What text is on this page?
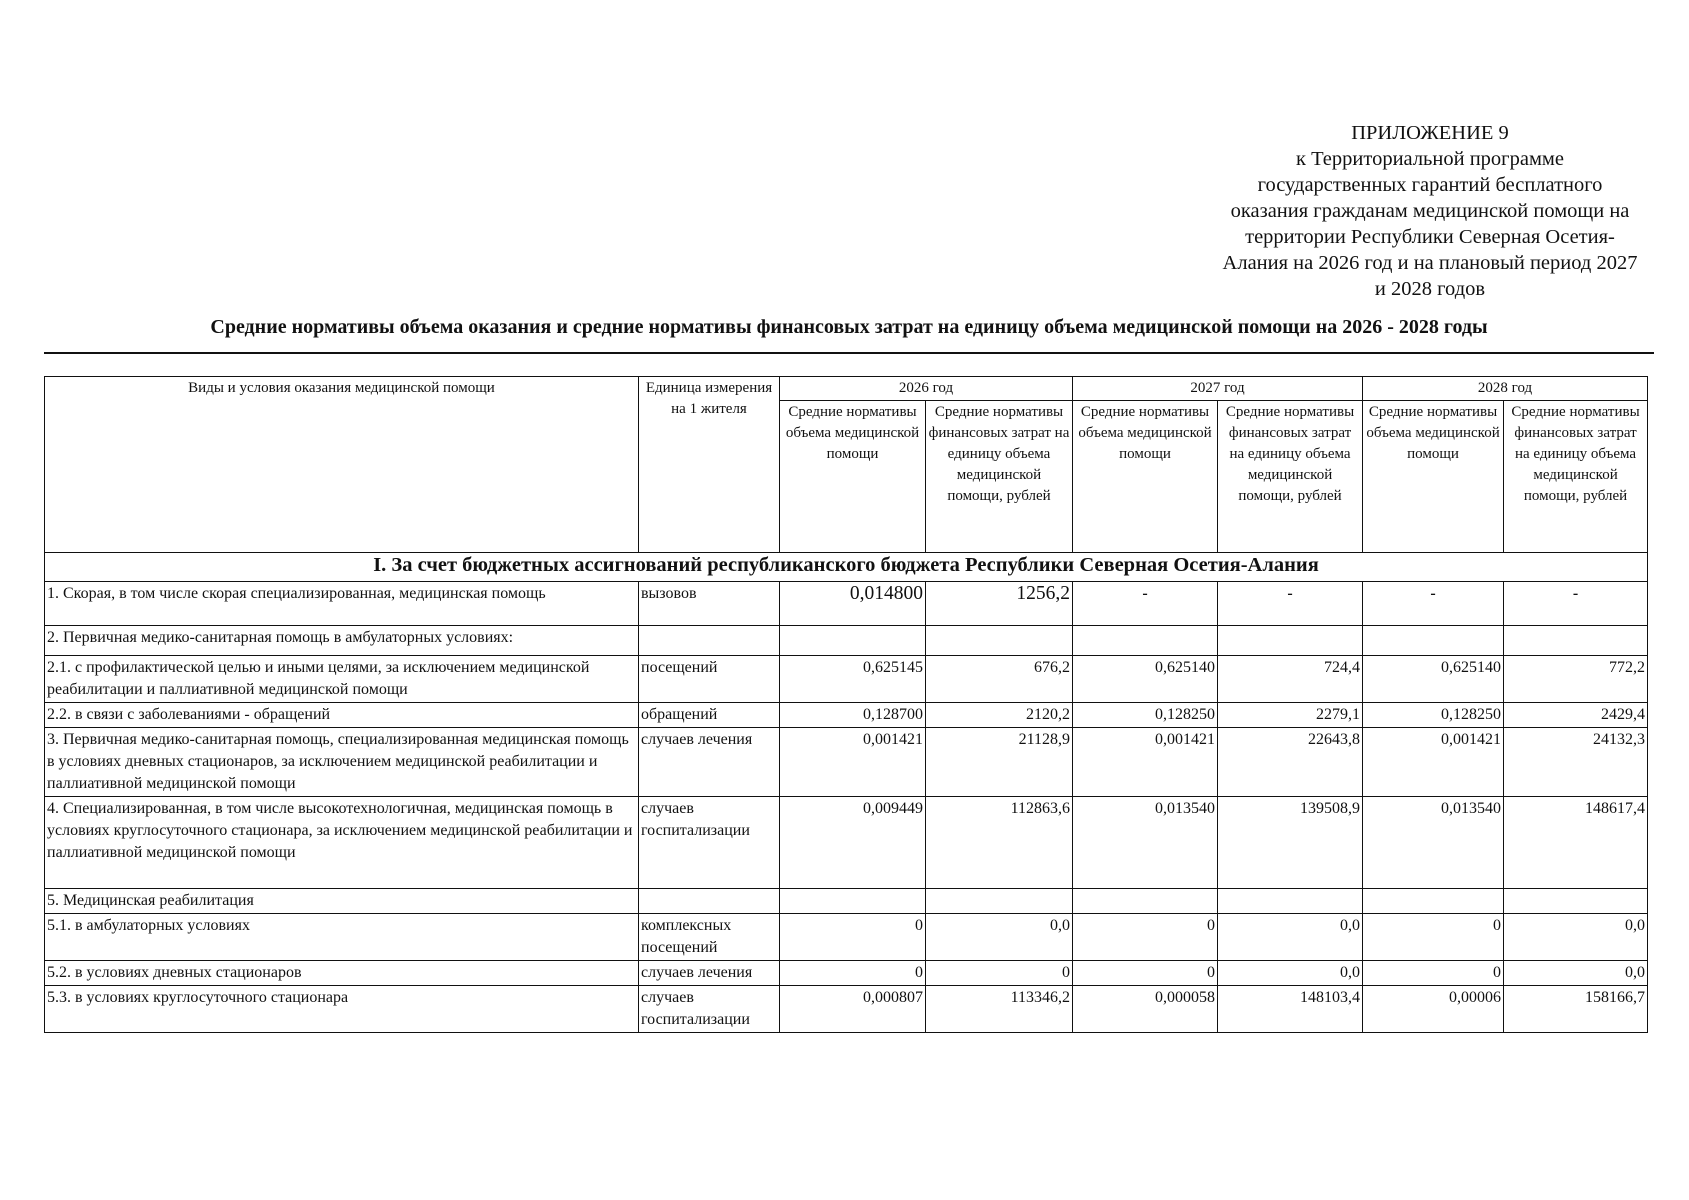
ПРИЛОЖЕНИЕ 9
к Территориальной программе
государственных гарантий бесплатного
оказания гражданам медицинской помощи на
территории Республики Северная Осетия-
Алания на 2026 год и на плановый период 2027
и 2028 годов
Средние нормативы объема оказания и средние нормативы финансовых затрат на единицу объема медицинской помощи на 2026 - 2028 годы
Виды и условия оказания медицинской помощи	Единица измерения на 1 жителя	2026 год		2027 год		2028 год	
		Средние нормативы объема медицинской помощи	Средние нормативы финансовых затрат на единицу объема медицинской помощи, рублей	Средние нормативы объема медицинской помощи	Средние нормативы финансовых затрат на единицу объема медицинской помощи, рублей	Средние нормативы объема медицинской помощи	Средние нормативы финансовых затрат на единицу объема медицинской помощи, рублей
I. За счет бюджетных ассигнований республиканского бюджета Республики Северная Осетия-Алания							
1. Скорая, в том числе скорая специализированная, медицинская помощь	вызовов	0,014800	1256,2	-	-	-	-
2. Первичная медико-санитарная помощь в амбулаторных условиях:							
2.1. с профилактической целью и иными целями, за исключением медицинской реабилитации и паллиативной медицинской помощи	посещений	0,625145	676,2	0,625140	724,4	0,625140	772,2
2.2. в связи с заболеваниями - обращений	обращений	0,128700	2120,2	0,128250	2279,1	0,128250	2429,4
3. Первичная медико-санитарная помощь, специализированная медицинская помощь в условиях дневных стационаров, за исключением медицинской реабилитации и паллиативной медицинской помощи	случаев лечения	0,001421	21128,9	0,001421	22643,8	0,001421	24132,3
4. Специализированная, в том числе высокотехнологичная, медицинская помощь в условиях круглосуточного стационара, за исключением медицинской реабилитации и паллиативной медицинской помощи	случаев госпитализации	0,009449	112863,6	0,013540	139508,9	0,013540	148617,4
5. Медицинская реабилитация							
5.1. в амбулаторных условиях	комплексных посещений	0	0,0	0	0,0	0	0,0
5.2. в условиях дневных стационаров	случаев лечения	0	0	0	0,0	0	0,0
5.3. в условиях круглосуточного стационара	случаев госпитализации	0,000807	113346,2	0,000058	148103,4	0,00006	158166,7
